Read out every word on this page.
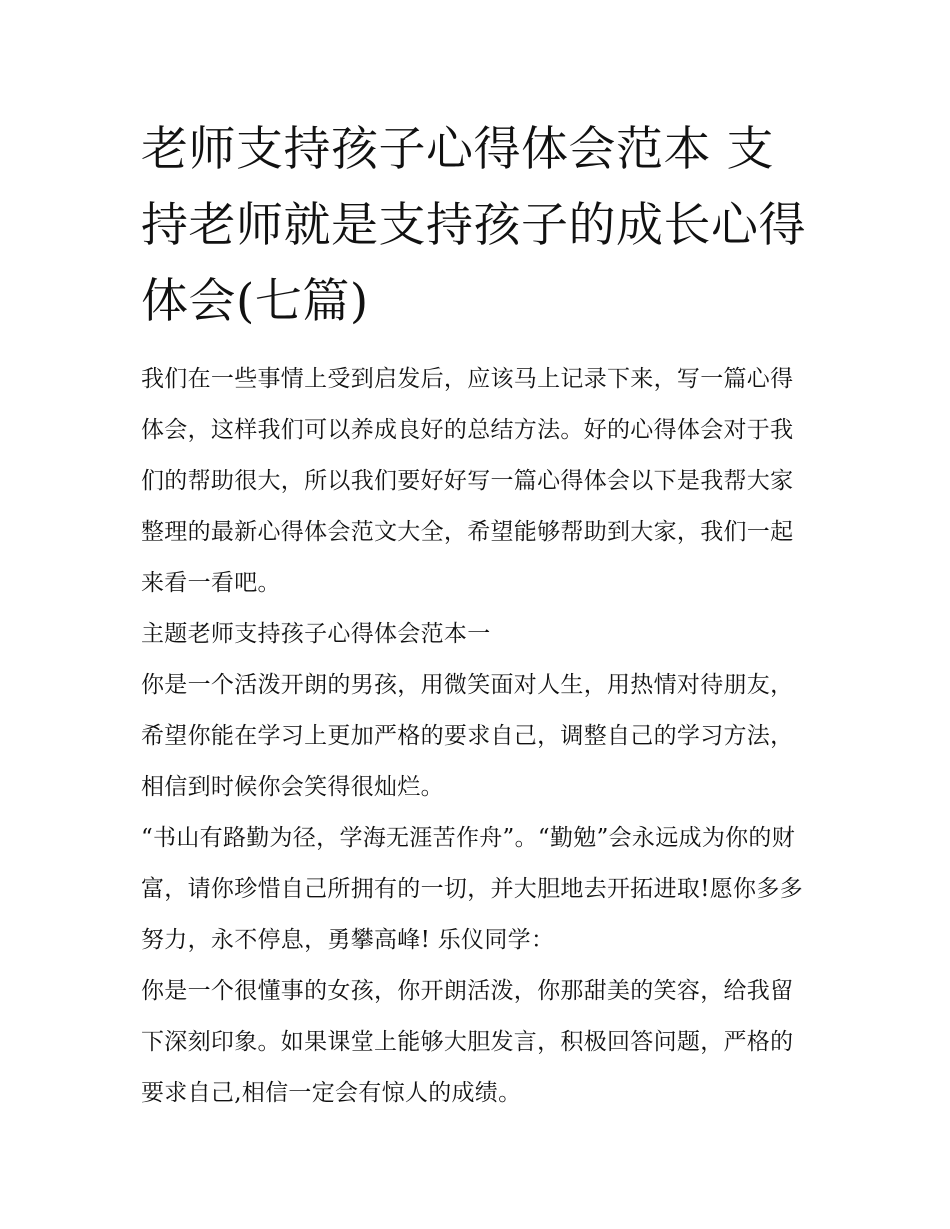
老师支持孩子心得体会范本 支持老师就是支持孩子的成长心得体会(七篇)

我们在一些事情上受到启发后，应该马上记录下来，写一篇心得体会，这样我们可以养成良好的总结方法。好的心得体会对于我们的帮助很大，所以我们要好好写一篇心得体会以下是我帮大家整理的最新心得体会范文大全，希望能够帮助到大家，我们一起来看一看吧。

主题老师支持孩子心得体会范本一

你是一个活泼开朗的男孩，用微笑面对人生，用热情对待朋友，希望你能在学习上更加严格的要求自己，调整自己的学习方法，相信到时候你会笑得很灿烂。

“书山有路勤为径，学海无涯苦作舟”。“勤勉”会永远成为你的财富，请你珍惜自己所拥有的一切，并大胆地去开拓进取!愿你多多努力，永不停息，勇攀高峰! 乐仪同学：

你是一个很懂事的女孩，你开朗活泼，你那甜美的笑容，给我留下深刻印象。如果课堂上能够大胆发言，积极回答问题，严格的要求自己,相信一定会有惊人的成绩。
